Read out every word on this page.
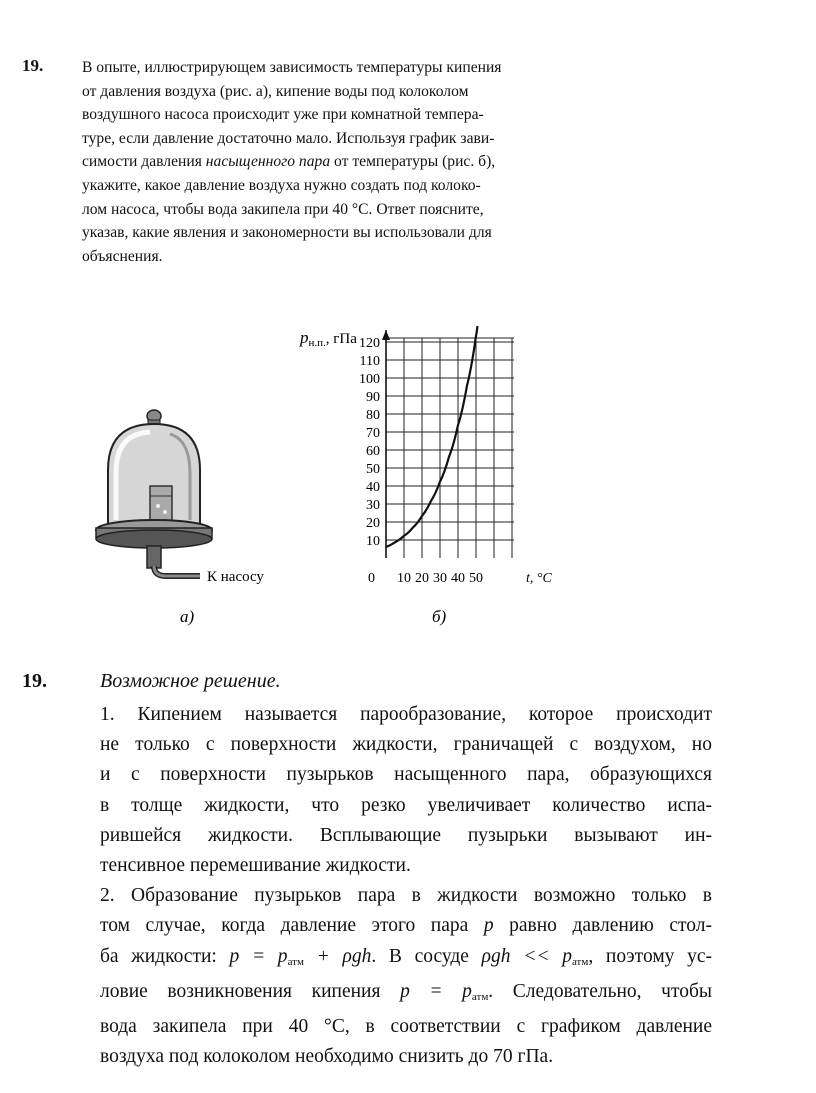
19. В опыте, иллюстрирующем зависимость температуры кипения
от давления воздуха (рис. а), кипение воды под колоколом
воздушного насоса происходит уже при комнатной темпера-
туре, если давление достаточно мало. Используя график зави-
симости давления насыщенного пара от температуры (рис. б),
укажите, какое давление воздуха нужно создать под колоко-
лом насоса, чтобы вода закипела при 40 °С. Ответ поясните,
указав, какие явления и закономерности вы использовали для
объяснения.
К насосу
а)
10
20
30
40
50
60
70
80
90
100
110
120
10 20 30 40 50
pн.п., гПа
t, °С
0
б)
19.	Возможное решение.
1. Кипением называется парообразование, которое происходит
не только с поверхности жидкости, граничащей с воздухом, но
и с поверхности пузырьков насыщенного пара, образующихся
в толще жидкости, что резко увеличивает количество испа-
рившейся жидкости. Всплывающие пузырьки вызывают ин-
тенсивное перемешивание жидкости.
2. Образование пузырьков пара в жидкости возможно только в
том случае, когда давление этого пара p равно давлению стол-
ба жидкости: $p = p_{атм} + \rho gh$. В сосуде $\rho gh << p_{атм}$, поэтому ус-
ловие возникновения кипения $p = p_{атм}$. Следовательно, чтобы
вода закипела при 40 °С, в соответствии с графиком давление
воздуха под колоколом необходимо снизить до 70 гПа.
